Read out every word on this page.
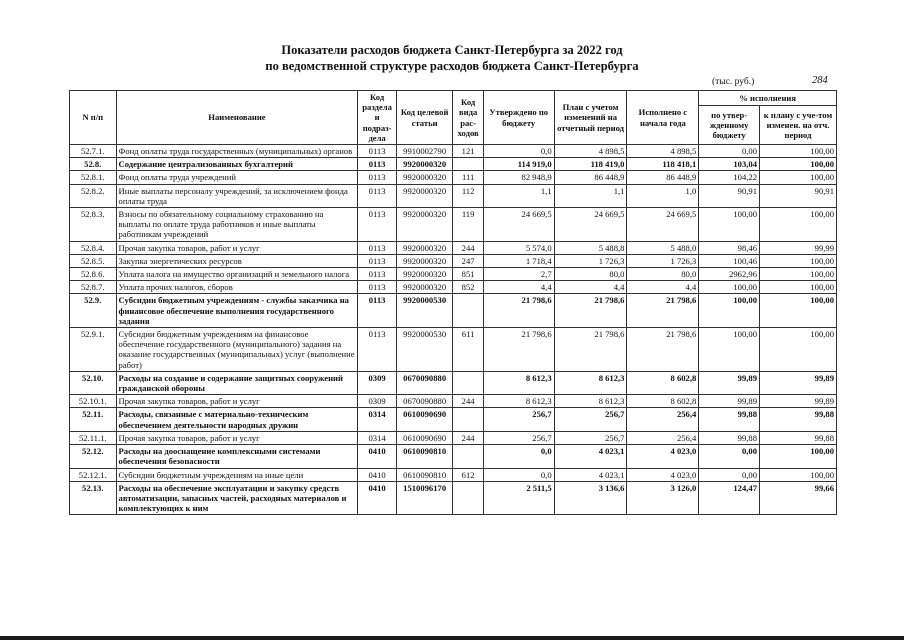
Показатели расходов бюджета Санкт-Петербурга за 2022 год
по ведомственной структуре расходов бюджета Санкт-Петербурга
(тыс. руб.)	284
N п/п	Наименование	Код раздела и подраз-дела	Код целевой статьи	Код вида рас-ходов	Утверждено по бюджету	План с учетом изменений на отчетный период	Исполнено с начала года	% исполнения	
								по утвер-жденному бюджету	к плану с уче-том изменен. на отч. период
52.7.1.	Фонд оплаты труда государственных (муниципальных) органов	0113	9910002790	121	0,0	4 898,5	4 898,5	0,00	100,00
52.8.	Содержание централизованных бухгалтерий	0113	9920000320		114 919,0	118 419,0	118 418,1	103,04	100,00
52.8.1.	Фонд оплаты труда учреждений	0113	9920000320	111	82 948,9	86 448,9	86 448,9	104,22	100,00
52.8.2.	Иные выплаты персоналу учреждений, за исключением фонда оплаты труда	0113	9920000320	112	1,1	1,1	1,0	90,91	90,91
52.8.3.	Взносы по обязательному социальному страхованию на выплаты по оплате труда работников и иные выплаты работникам учреждений	0113	9920000320	119	24 669,5	24 669,5	24 669,5	100,00	100,00
52.8.4.	Прочая закупка товаров, работ и услуг	0113	9920000320	244	5 574,0	5 488,8	5 488,0	98,46	99,99
52.8.5.	Закупка энергетических ресурсов	0113	9920000320	247	1 718,4	1 726,3	1 726,3	100,46	100,00
52.8.6.	Уплата налога на имущество организаций и земельного налога	0113	9920000320	851	2,7	80,0	80,0	2962,96	100,00
52.8.7.	Уплата прочих налогов, сборов	0113	9920000320	852	4,4	4,4	4,4	100,00	100,00
52.9.	Субсидии бюджетным учреждениям - службы заказчика на финансовое обеспечение выполнения государственного задания	0113	9920000530		21 798,6	21 798,6	21 798,6	100,00	100,00
52.9.1.	Субсидии бюджетным учреждениям на финансовое обеспечение государственного (муниципального) задания на оказание государственных (муниципальных) услуг (выполнение работ)	0113	9920000530	611	21 798,6	21 798,6	21 798,6	100,00	100,00
52.10.	Расходы на создание и содержание защитных сооружений гражданской обороны	0309	0670090880		8 612,3	8 612,3	8 602,8	99,89	99,89
52.10.1.	Прочая закупка товаров, работ и услуг	0309	0670090880	244	8 612,3	8 612,3	8 602,8	99,89	99,89
52.11.	Расходы, связанные с материально-техническим обеспечением деятельности народных дружин	0314	0610090690		256,7	256,7	256,4	99,88	99,88
52.11.1.	Прочая закупка товаров, работ и услуг	0314	0610090690	244	256,7	256,7	256,4	99,88	99,88
52.12.	Расходы на дооснащение комплексными системами обеспечения безопасности	0410	0610090810		0,0	4 023,1	4 023,0	0,00	100,00
52.12.1.	Субсидии бюджетным учреждениям на иные цели	0410	0610090810	612	0,0	4 023,1	4 023,0	0,00	100,00
52.13.	Расходы на обеспечение эксплуатации и закупку средств автоматизации, запасных частей, расходных материалов и комплектующих к ним	0410	1510096170		2 511,5	3 136,6	3 126,0	124,47	99,66
